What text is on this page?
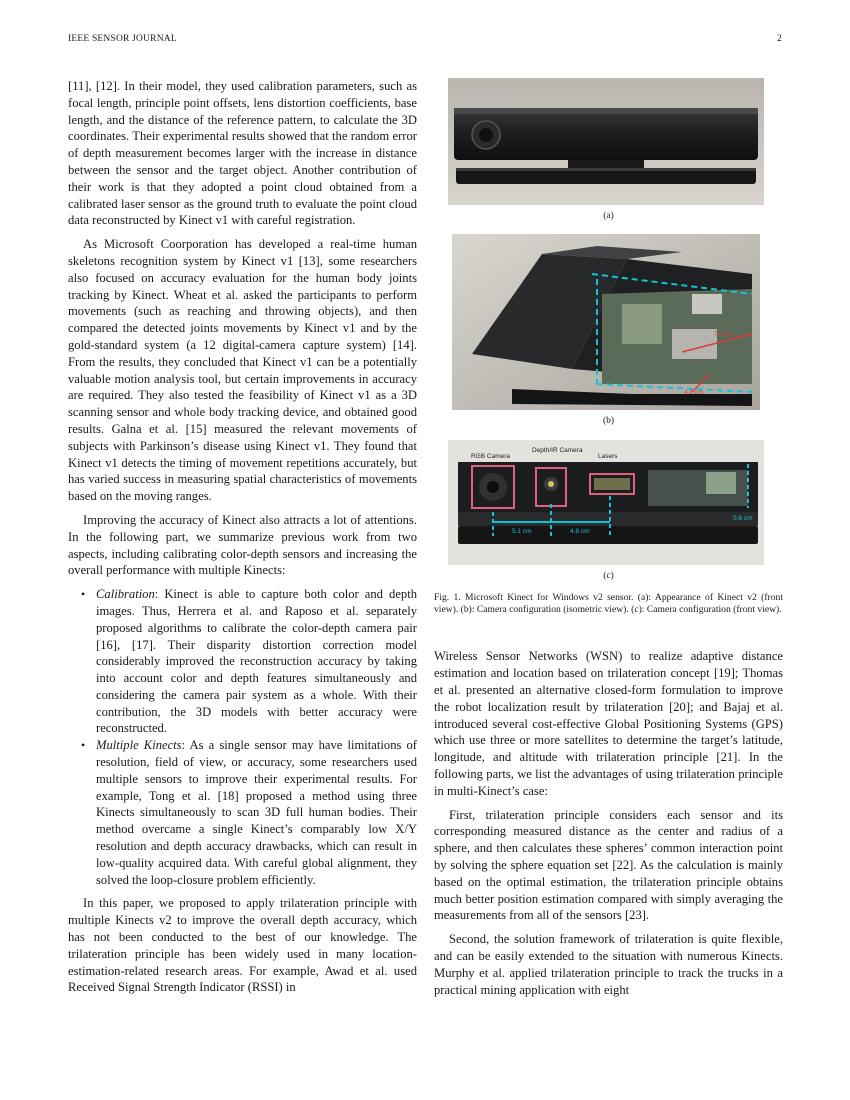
IEEE SENSOR JOURNAL	2

[11], [12]. In their model, they used calibration parameters, such as focal length, principle point offsets, lens distortion coefficients, base length, and the distance of the reference pattern, to calculate the 3D coordinates. Their experimental results showed that the random error of depth measurement becomes larger with the increase in distance between the sensor and the target object. Another contribution of their work is that they adopted a point cloud obtained from a calibrated laser sensor as the ground truth to evaluate the point cloud data reconstructed by Kinect v1 with careful registration.

As Microsoft Coorporation has developed a real-time human skeletons recognition system by Kinect v1 [13], some researchers also focused on accuracy evaluation for the human body joints tracking by Kinect. Wheat et al. asked the participants to perform movements (such as reaching and throwing objects), and then compared the detected joints movements by Kinect v1 and by the gold-standard system (a 12 digital-camera capture system) [14]. From the results, they concluded that Kinect v1 can be a potentially valuable motion analysis tool, but certain improvements in accuracy are required. They also tested the feasibility of Kinect v1 as a 3D scanning sensor and whole body tracking device, and obtained good results. Galna et al. [15] measured the relevant movements of subjects with Parkinson’s disease using Kinect v1. They found that Kinect v1 detects the timing of movement repetitions accurately, but has varied success in measuring spatial characteristics of movements based on the moving ranges.

Improving the accuracy of Kinect also attracts a lot of attentions. In the following part, we summarize previous work from two aspects, including calibrating color-depth sensors and increasing the overall performance with multiple Kinects:

• Calibration: Kinect is able to capture both color and depth images. Thus, Herrera et al. and Raposo et al. separately proposed algorithms to calibrate the color-depth camera pair [16], [17]. Their disparity distortion correction model considerably improved the reconstruction accuracy by taking into account color and depth features simultaneously and considering the camera pair system as a whole. With their contribution, the 3D models with better accuracy were reconstructed.
• Multiple Kinects: As a single sensor may have limitations of resolution, field of view, or accuracy, some researchers used multiple sensors to improve their experimental results. For example, Tong et al. [18] proposed a method using three Kinects simultaneously to scan 3D full human bodies. Their method overcame a single Kinect’s comparably low X/Y resolution and depth accuracy drawbacks, which can result in low-quality acquired data. With careful global alignment, they solved the loop-closure problem efficiently.

In this paper, we proposed to apply trilateration principle with multiple Kinects v2 to improve the overall depth accuracy, which has not been conducted to the best of our knowledge. The trilateration principle has been widely used in many location-estimation-related research areas. For example, Awad et al. used Received Signal Strength Indicator (RSSI) in

(a)
7.0 cm
4.8 cm
(b)
RGB Camera
Depth/IR Camera
Lasers
5.1 cm	4.8 cm
0.8 cm
(c)
Fig. 1. Microsoft Kinect for Windows v2 sensor. (a): Appearance of Kinect v2 (front view). (b): Camera configuration (isometric view). (c): Camera configuration (front view).

Wireless Sensor Networks (WSN) to realize adaptive distance estimation and location based on trilateration concept [19]; Thomas et al. presented an alternative closed-form formulation to improve the robot localization result by trilateration [20]; and Bajaj et al. introduced several cost-effective Global Positioning Systems (GPS) which use three or more satellites to determine the target’s latitude, longitude, and altitude with trilateration principle [21]. In the following parts, we list the advantages of using trilateration principle in multi-Kinect’s case:

First, trilateration principle considers each sensor and its corresponding measured distance as the center and radius of a sphere, and then calculates these spheres’ common interaction point by solving the sphere equation set [22]. As the calculation is mainly based on the optimal estimation, the trilateration principle obtains much better position estimation compared with simply averaging the measurements from all of the sensors [23].

Second, the solution framework of trilateration is quite flexible, and can be easily extended to the situation with numerous Kinects. Murphy et al. applied trilateration principle to track the trucks in a practical mining application with eight
